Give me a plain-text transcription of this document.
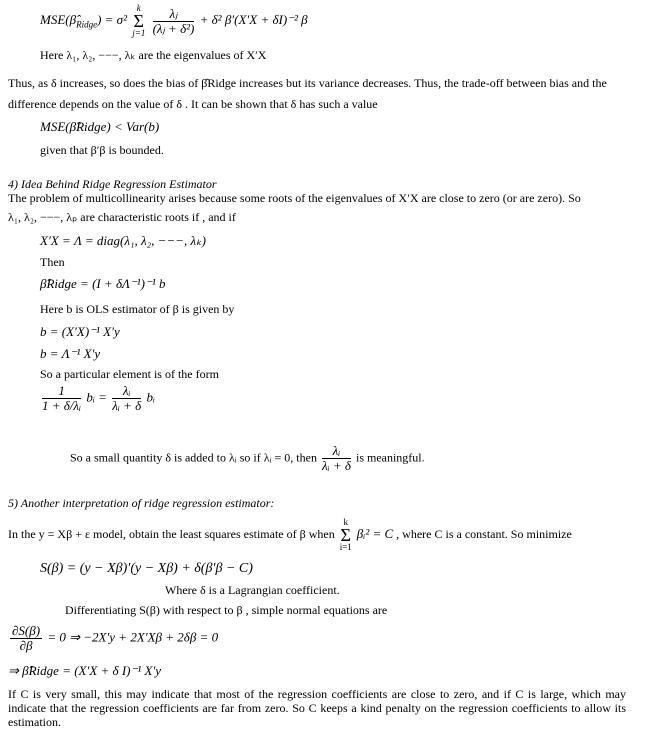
$MSE(\betâ_{Ridge}) = \sigma^2$
k
Σ
j=1
$\frac{\text{λⱼ}}{\text{(λⱼ + δ²)}} + \delta^2$ β′(X′X + δI)⁻² β
Here λ₁, λ₂, −−−, λₖ are the eigenvalues of X′X
Thus, as δ increases, so does the bias of β̂Ridge increases but its variance decreases. Thus, the trade-off between bias and the
difference depends on the value of δ . It can be shown that δ has such a value
MSE(β̂Ridge) < Var(b)
given that β′β is bounded.
4) Idea Behind Ridge Regression Estimator
The problem of multicollinearity arises because some roots of the eigenvalues of X′X are close to zero (or are zero). So
λ₁, λ₂, −−−, λₚ are characteristic roots if , and if
X′X = Λ = diag(λ₁, λ₂, −−−, λₖ)
Then
β̂Ridge = (I + δΛ⁻¹)⁻¹ b
Here b is OLS estimator of β is given by
b = (X′X)⁻¹ X′y
b = Λ⁻¹ X′y
So a particular element is of the form
$\frac{1}{\text{1 + δ/λᵢ}}$ bᵢ = $\frac{\text{λᵢ}}{\text{λᵢ + δ}}$ bᵢ
So a small quantity δ is added to λᵢ so if λᵢ = 0, then $\frac{\text{λᵢ}}{\text{λᵢ + δ}}$ is meaningful.
5) Another interpretation of ridge regression estimator:
In the y = Xβ + ε model, obtain the least squares estimate of β when
k
Σ
i=1
βᵢ² = C , where C is a constant. So minimize
S(β) = (y − Xβ)′(y − Xβ) + δ(β′β − C)
Where δ is a Lagrangian coefficient.
Differentiating S(β) with respect to β , simple normal equations are
$\frac{\partial S(\beta)}{\partial\beta} = 0$ ⇒ −2X′y + 2X′Xβ + 2δβ = 0
⇒ β̂Ridge = (X′X + δ I)⁻¹ X′y
If C is very small, this may indicate that most of the regression coefficients are close to zero, and if C is large, which may indicate that the regression coefficients are far from zero. So C keeps a kind penalty on the regression coefficients to allow its estimation.
